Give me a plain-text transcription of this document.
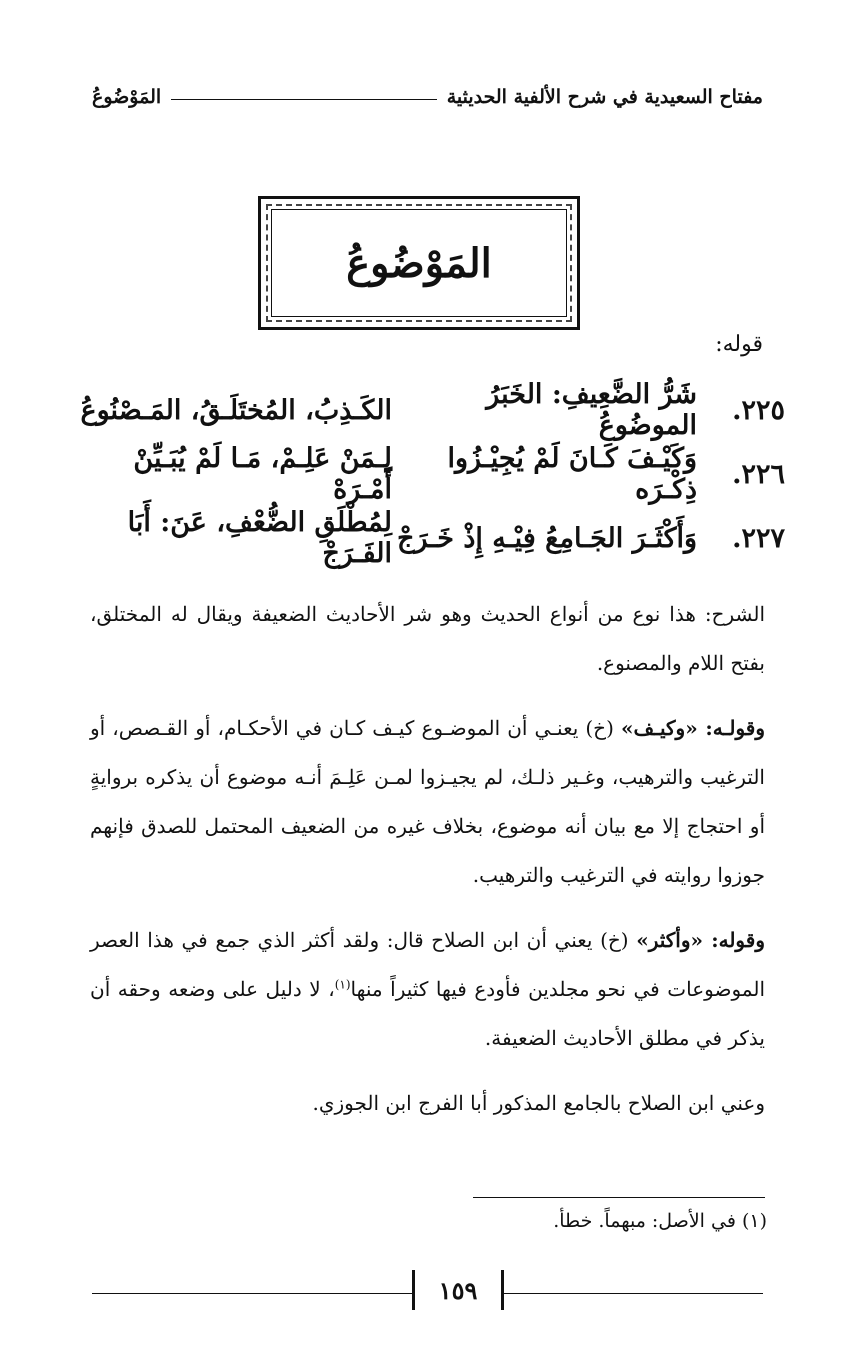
مفتاح السعيدية في شرح الألفية الحديثية
المَوْضُوعُ
المَوْضُوعُ
قوله:
٢٢٥.
شَرُّ الضَّعِيفِ: الخَبَرُ الموضُوعُ
الكَـذِبُ، المُختَلَـقُ، المَـصْنُوعُ
٢٢٦.
وَكَيْـفَ كَـانَ لَمْ يُجِيْـزُوا ذِكْـرَه
لِـمَنْ عَلِـمْ، مَـا لَمْ يُبَـيِّنْ أَمْـرَهْ
٢٢٧.
وَأَكْثَـرَ الجَـامِعُ فِيْـهِ إِذْ خَـرَجْ
لِمُطْلَقِ الضُّعْفِ، عَنَ: أَبَا الفَـرَجْ

الشرح: هذا نوع من أنواع الحديث وهو شر الأحاديث الضعيفة ويقال له المختلق، بفتح اللام والمصنوع.

وقولـه: «وكيـف» (خ) يعنـي أن الموضـوع كيـف كـان في الأحكـام، أو القـصص، أو الترغيب والترهيب، وغـير ذلـك، لم يجيـزوا لمـن عَلِـمَ أنـه موضوع أن يذكره بروايةٍ أو احتجاج إلا مع بيان أنه موضوع، بخلاف غيره من الضعيف المحتمل للصدق فإنهم جوزوا روايته في الترغيب والترهيب.

وقوله: «وأكثر» (خ) يعني أن ابن الصلاح قال: ولقد أكثر الذي جمع في هذا العصر الموضوعات في نحو مجلدين فأودع فيها كثيراً منها$^{(١)}$، لا دليل على وضعه وحقه أن يذكر في مطلق الأحاديث الضعيفة.

وعني ابن الصلاح بالجامع المذكور أبا الفرج ابن الجوزي.

(١) في الأصل: مبهماً. خطأ.
١٥٩
